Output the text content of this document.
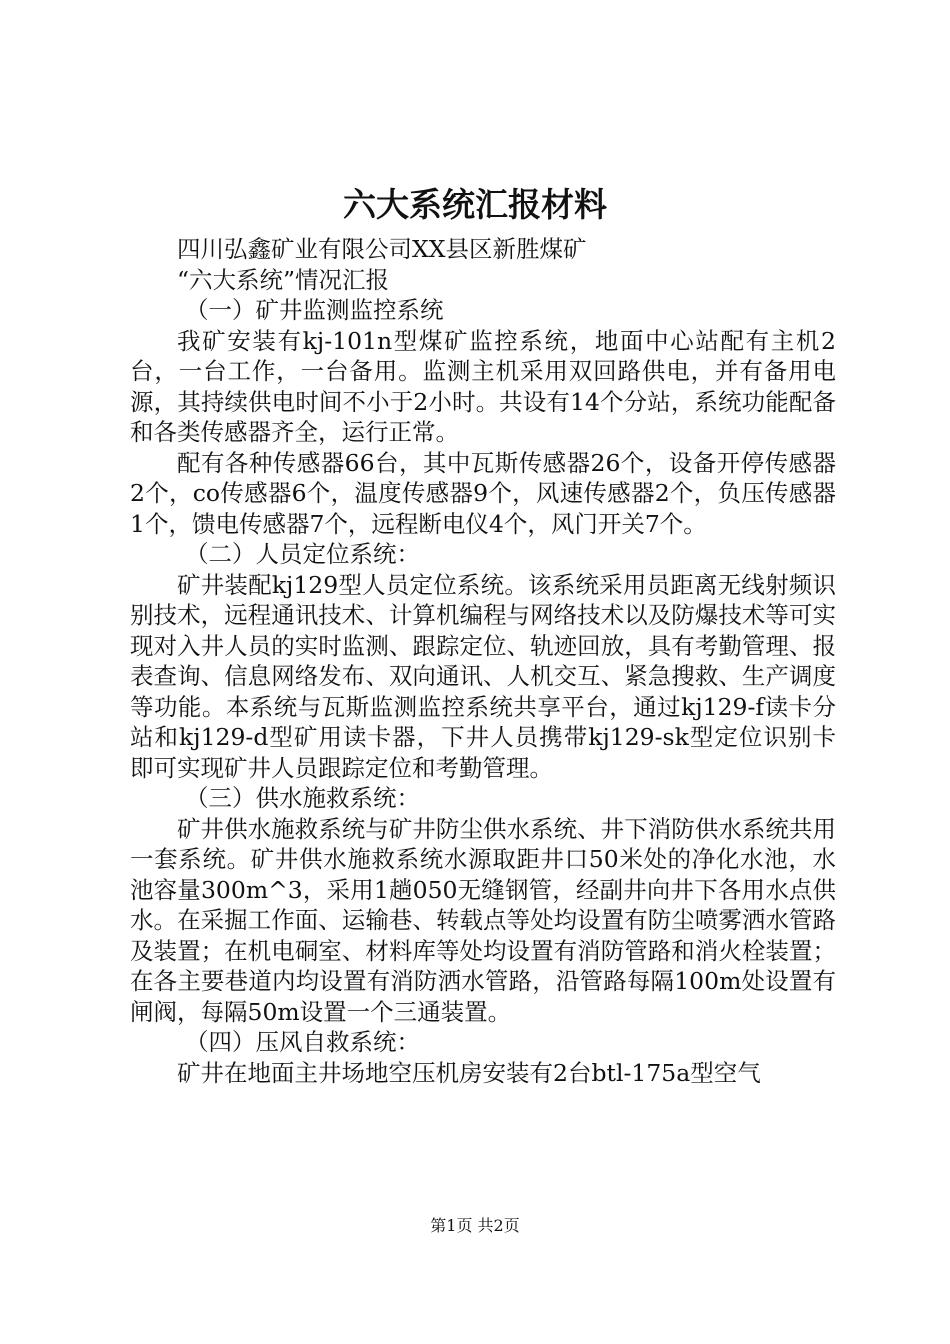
六大系统汇报材料

四川弘鑫矿业有限公司XX县区新胜煤矿

“六大系统”情况汇报

（一）矿井监测监控系统

我矿安装有kj-101n型煤矿监控系统，地面中心站配有主机2台，一台工作，一台备用。监测主机采用双回路供电，并有备用电源，其持续供电时间不小于2小时。共设有14个分站，系统功能配备和各类传感器齐全，运行正常。

配有各种传感器66台，其中瓦斯传感器26个，设备开停传感器2个，co传感器6个，温度传感器9个，风速传感器2个，负压传感器1个，馈电传感器7个，远程断电仪4个，风门开关7个。

（二）人员定位系统：

矿井装配kj129型人员定位系统。该系统采用员距离无线射频识别技术，远程通讯技术、计算机编程与网络技术以及防爆技术等可实现对入井人员的实时监测、跟踪定位、轨迹回放，具有考勤管理、报表查询、信息网络发布、双向通讯、人机交互、紧急搜救、生产调度等功能。本系统与瓦斯监测监控系统共享平台，通过kj129-f读卡分站和kj129-d型矿用读卡器，下井人员携带kj129-sk型定位识别卡即可实现矿井人员跟踪定位和考勤管理。

（三）供水施救系统：

矿井供水施救系统与矿井防尘供水系统、井下消防供水系统共用一套系统。矿井供水施救系统水源取距井口50米处的净化水池，水池容量300m^3，采用1趟050无缝钢管，经副井向井下各用水点供水。在采掘工作面、运输巷、转载点等处均设置有防尘喷雾洒水管路及装置；在机电硐室、材料库等处均设置有消防管路和消火栓装置；在各主要巷道内均设置有消防洒水管路，沿管路每隔100m处设置有闸阀，每隔50m设置一个三通装置。

（四）压风自救系统：

矿井在地面主井场地空压机房安装有2台btl-175a型空气

第1页 共2页
